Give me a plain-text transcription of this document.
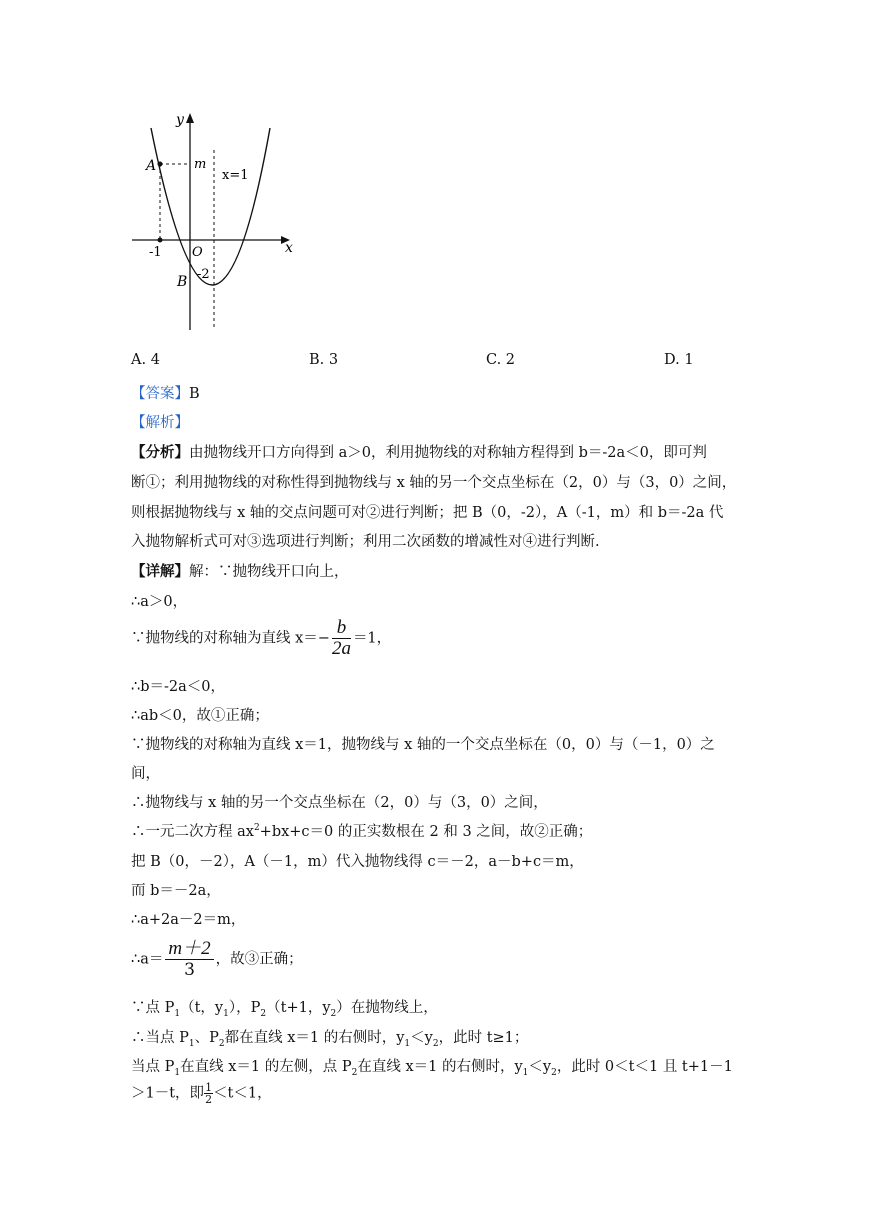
y
x
O
A
B
m
x=1
-1
-2
A. 4	B. 3	C. 2	D. 1
【答案】B
【解析】
【分析】由抛物线开口方向得到 a＞0，利用抛物线的对称轴方程得到 b＝-2a＜0，即可判
断①；利用抛物线的对称性得到抛物线与 x 轴的另一个交点坐标在（2，0）与（3，0）之间，
则根据抛物线与 x 轴的交点问题可对②进行判断；把 B（0，-2），A（-1，m）和 b＝-2a 代
入抛物解析式可对③选项进行判断；利用二次函数的增减性对④进行判断.
【详解】解：∵抛物线开口向上，
∴a＞0，
∵抛物线的对称轴为直线 $x=- \frac{b}{2a} =1$，
∴b＝-2a＜0，
∴ab＜0，故①正确；
∵抛物线的对称轴为直线 x＝1，抛物线与 x 轴的一个交点坐标在（0，0）与（－1，0）之
间，
∴抛物线与 x 轴的另一个交点坐标在（2，0）与（3，0）之间，
∴一元二次方程 $ax^2+bx+c=0$ 的正实数根在 2 和 3 之间，故②正确；
把 B（0，－2），A（－1，m）代入抛物线得 c＝－2，a－b+c＝m，
而 b＝－2a，
∴a+2a－2＝m，
∴a＝ $\frac{m+2}{3}$ ，故③正确；
∵点 $P_1(t$，$y_1$），$P_2(t+1$，$y_2$）在抛物线上，
∴当点 $P_1$、$P_2$都在直线 x＝1 的右侧时，$y_1<y_2$，此时 t≥1；
当点 $P_1$在直线 x＝1 的左侧，点 $P_2$在直线 x＝1 的右侧时，$y_1<y_2$，此时 0＜t＜1 且 t+1－1
＞1－t，即 $\frac{1}{2} <t<1$，
